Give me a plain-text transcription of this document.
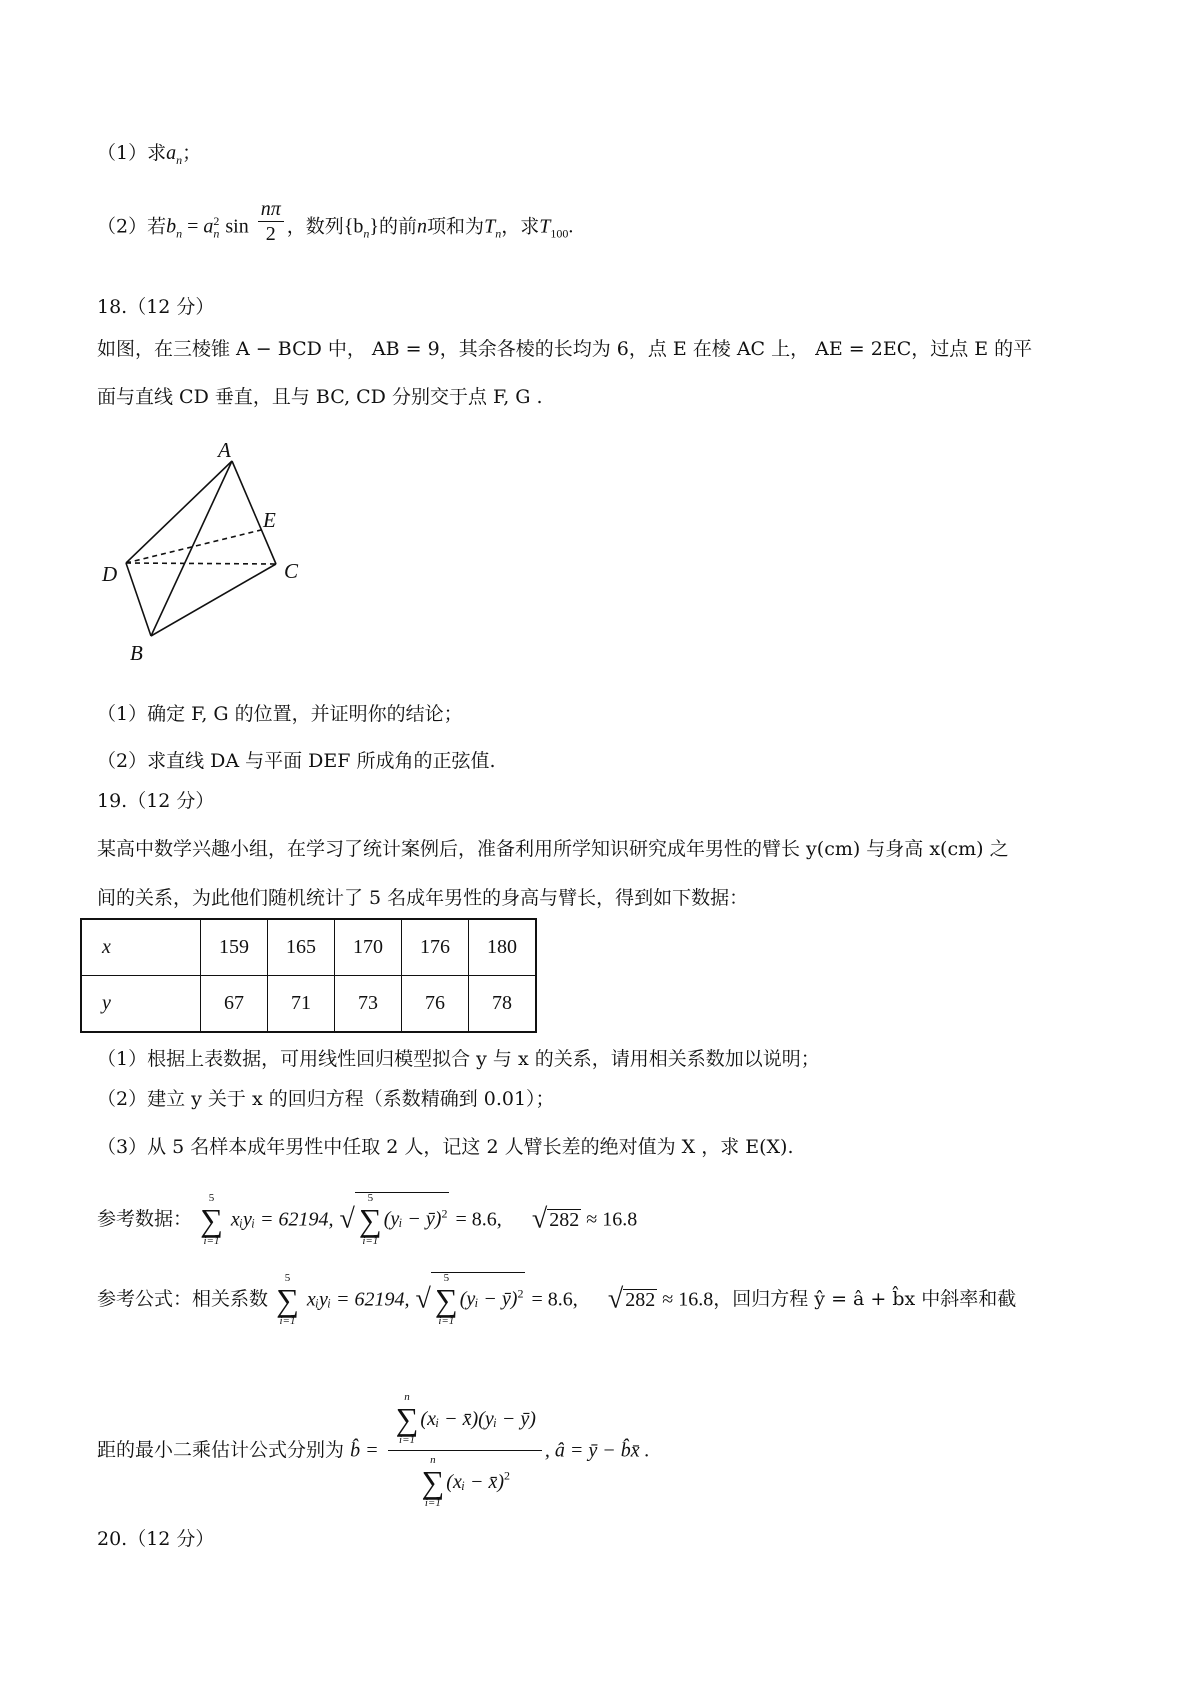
（1）求$a_n$；
（2）若$b_n = a_n^2$ $\sin \frac{n\pi}{2}$ ，数列$\{b_n\}$的前n项和为$T_n$，求$T_{100}$.
18.（12 分）
如图，在三棱锥 A − BCD 中， AB = 9，其余各棱的长均为 6，点 E 在棱 AC 上， AE = 2EC，过点 E 的平
面与直线 CD 垂直，且与 BC, CD 分别交于点 F, G .
A
E
D	C
B
（1）确定 F, G 的位置，并证明你的结论；
（2）求直线 DA 与平面 DEF 所成角的正弦值.
19.（12 分）
某高中数学兴趣小组，在学习了统计案例后，准备利用所学知识研究成年男性的臂长 y(cm) 与身高 x(cm) 之
间的关系，为此他们随机统计了 5 名成年男性的身高与臂长，得到如下数据：
x	159	165	170	176	180
y	67	71	73	76	78
（1）根据上表数据，可用线性回归模型拟合 y 与 x 的关系，请用相关系数加以说明；
（2）建立 y 关于 x 的回归方程（系数精确到 0.01）；
（3）从 5 名样本成年男性中任取 2 人，记这 2 人臂长差的绝对值为 X ，求 E(X).
参考数据：
5
∑
i=1
xᵢyᵢ = 62194, √
5
∑
i=1
(yᵢ − ȳ)$^2$ = 8.6, √ 282 ≈ 16.8
参考公式：相关系数
5
∑
i=1
xᵢyᵢ = 62194, √
5
∑
i=1
(yᵢ − ȳ)$^2$ = 8.6, √ 282 ≈ 16.8，回归方程 ŷ = â + b̂x 中斜率和截
距的最小二乘估计公式分别为 b̂ = n
∑
i=1
(xᵢ − x̄)(yᵢ − ȳ)
n
∑
i=1
(xᵢ − x̄)$^2$ , â = ȳ − b̂x̄ .
20.（12 分）
